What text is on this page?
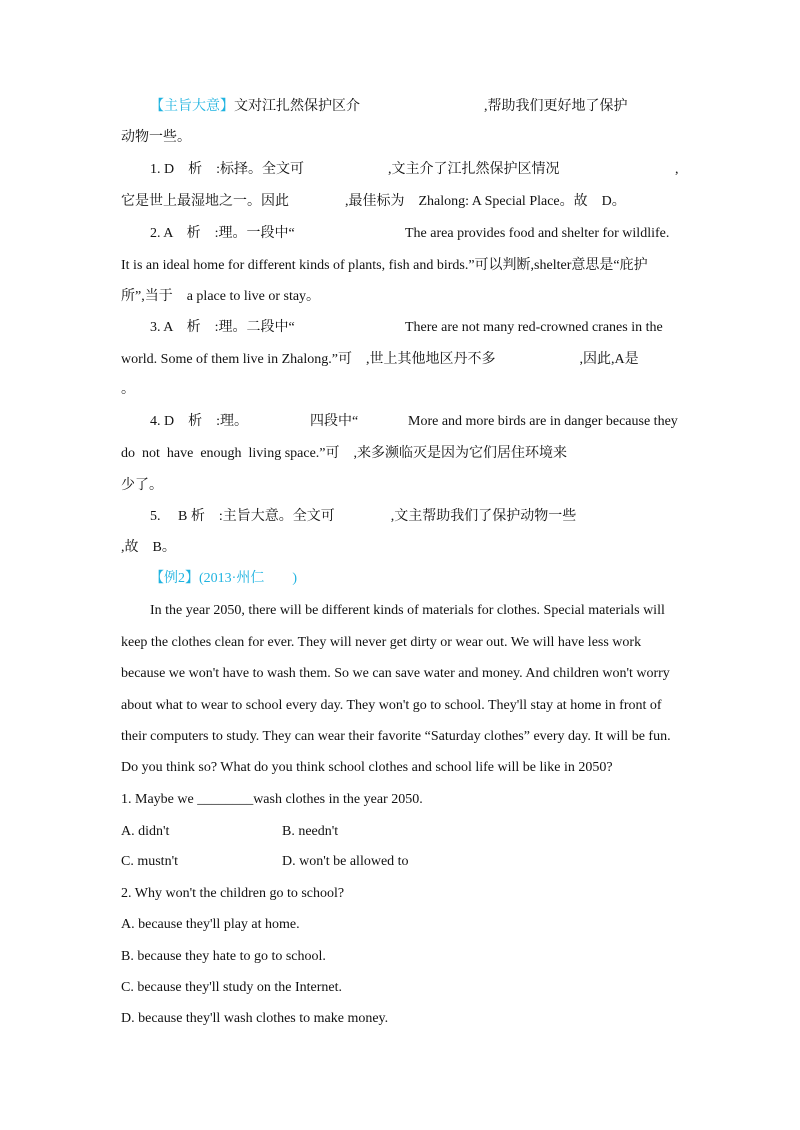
【主旨大意】文对江扎然保护区介	,帮助我们更好地了保护
动物一些。
1. D　析　:标择。全文可	,文主介了江扎然保护区情况	,
它是世上最湿地之一。因此	,最佳标为　Zhalong: A Special Place。故　D。
2. A　析　:理。一段中“	The area provides food and shelter for wildlife.
It is an ideal home for different kinds of plants, fish and birds.”可以判断,shelter意思是“庇护
所”,当于　a place to live or stay。
3. A　析　:理。二段中“	There are not many red-crowned cranes in the
world. Some of them live in Zhalong.”可　,世上其他地区丹不多	,因此,A是
。
4. D　析　:理。	四段中“	More and more birds are in danger because they
do  not  have  enough  living space.”可　,来多濒临灭是因为它们居住环境来
少了。
5.　 B 析　:主旨大意。全文可	,文主帮助我们了保护动物一些
,故　B。
【例2】(2013·州仁　　)
In the year 2050, there will be different kinds of materials for clothes. Special materials will
keep the clothes clean for ever. They will never get dirty or wear out. We will have less work
because we won't have to wash them. So we can save water and money. And children won't worry
about what to wear to school every day. They won't go to school. They'll stay at home in front of
their computers to study. They can wear their favorite “Saturday clothes” every day. It will be fun.
Do you think so? What do you think school clothes and school life will be like in 2050?
1. Maybe we ________wash clothes in the year 2050.
A. didn't	B. needn't
C. mustn't	D. won't be allowed to
2. Why won't the children go to school?
A. because they'll play at home.
B. because they hate to go to school.
C. because they'll study on the Internet.
D. because they'll wash clothes to make money.
